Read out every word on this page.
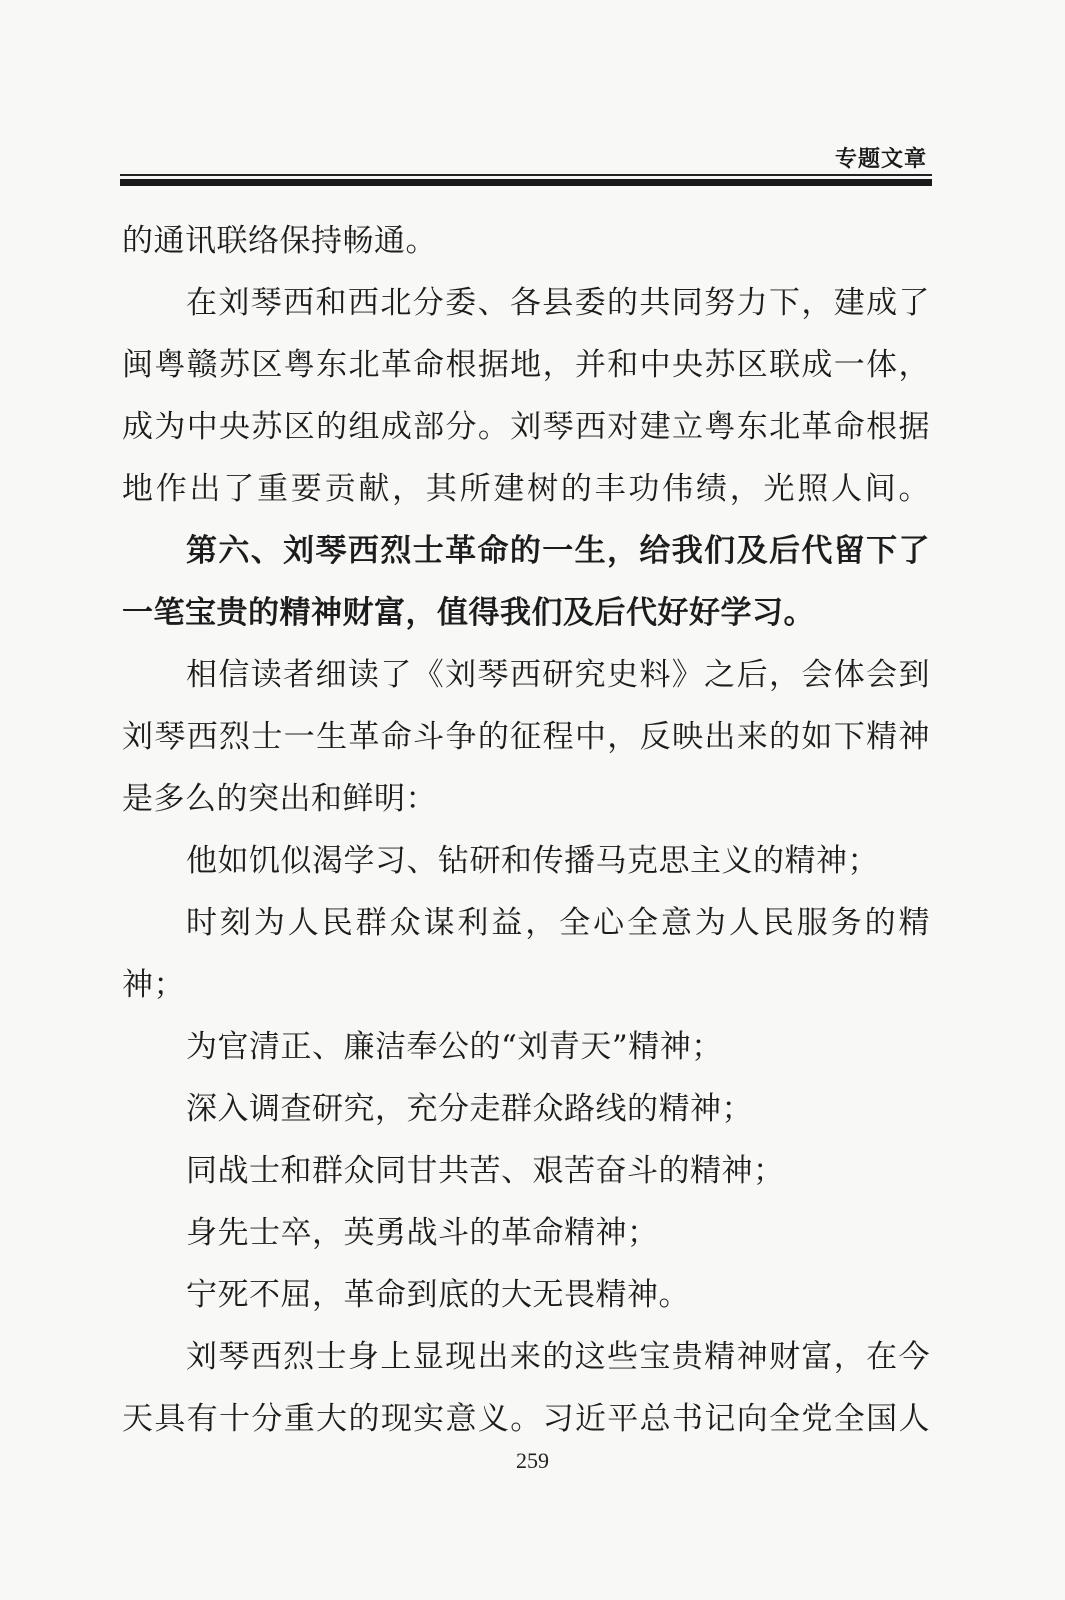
专题文章
的通讯联络保持畅通。
在刘琴西和西北分委、各县委的共同努力下，建成了
闽粤赣苏区粤东北革命根据地，并和中央苏区联成一体，
成为中央苏区的组成部分。刘琴西对建立粤东北革命根据
地作出了重要贡献，其所建树的丰功伟绩，光照人间。
第六、刘琴西烈士革命的一生，给我们及后代留下了
一笔宝贵的精神财富，值得我们及后代好好学习。
相信读者细读了《刘琴西研究史料》之后，会体会到
刘琴西烈士一生革命斗争的征程中，反映出来的如下精神
是多么的突出和鲜明：
他如饥似渴学习、钻研和传播马克思主义的精神；
时刻为人民群众谋利益，全心全意为人民服务的精
神；
为官清正、廉洁奉公的“刘青天”精神；
深入调查研究，充分走群众路线的精神；
同战士和群众同甘共苦、艰苦奋斗的精神；
身先士卒，英勇战斗的革命精神；
宁死不屈，革命到底的大无畏精神。
刘琴西烈士身上显现出来的这些宝贵精神财富，在今
天具有十分重大的现实意义。习近平总书记向全党全国人
259
